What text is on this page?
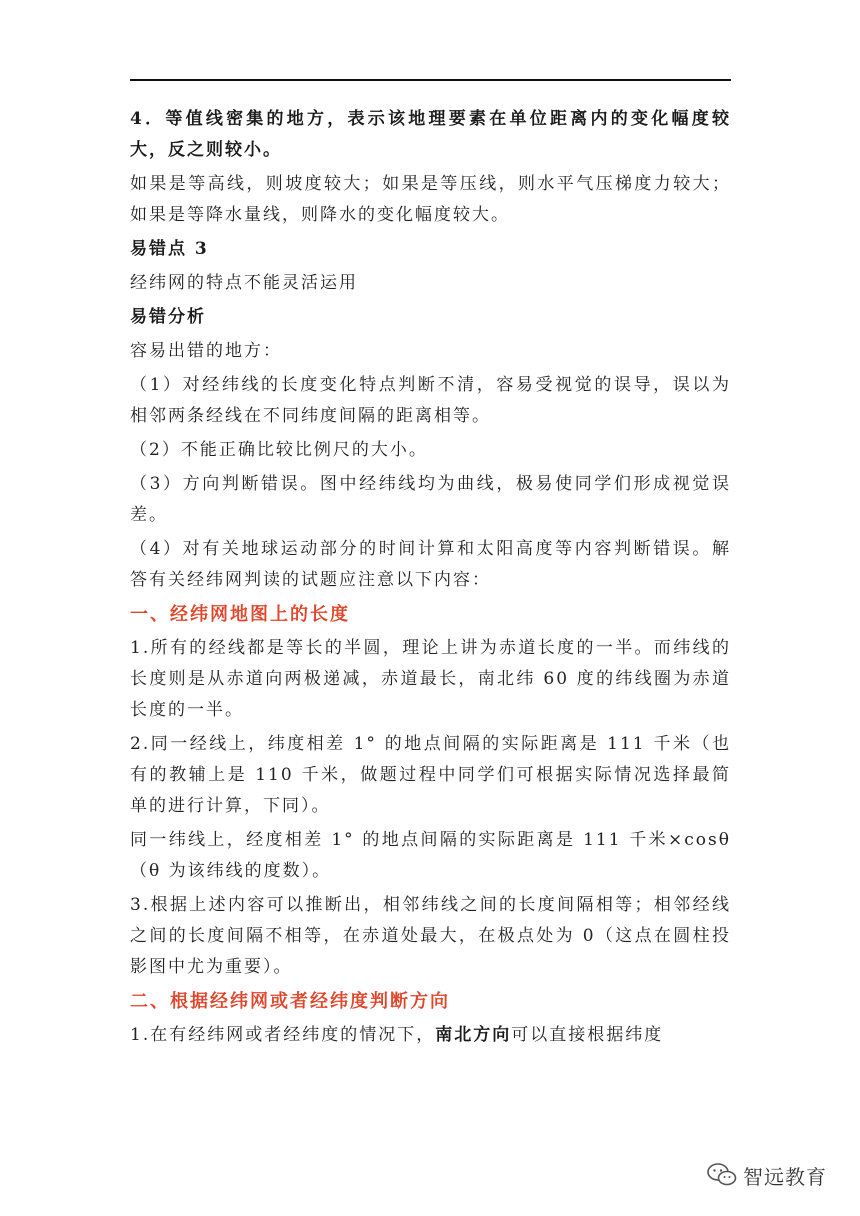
4．等值线密集的地方，表示该地理要素在单位距离内的变化幅度较大，反之则较小。

如果是等高线，则坡度较大；如果是等压线，则水平气压梯度力较大；如果是等降水量线，则降水的变化幅度较大。

易错点 3

经纬网的特点不能灵活运用

易错分析

容易出错的地方：

（1）对经纬线的长度变化特点判断不清，容易受视觉的误导，误以为相邻两条经线在不同纬度间隔的距离相等。

（2）不能正确比较比例尺的大小。

（3）方向判断错误。图中经纬线均为曲线，极易使同学们形成视觉误差。

（4）对有关地球运动部分的时间计算和太阳高度等内容判断错误。解答有关经纬网判读的试题应注意以下内容：

一、经纬网地图上的长度

1.所有的经线都是等长的半圆，理论上讲为赤道长度的一半。而纬线的长度则是从赤道向两极递减，赤道最长，南北纬 60 度的纬线圈为赤道长度的一半。

2.同一经线上，纬度相差 1° 的地点间隔的实际距离是 111 千米（也有的教辅上是 110 千米，做题过程中同学们可根据实际情况选择最简单的进行计算，下同）。

同一纬线上，经度相差 1° 的地点间隔的实际距离是 111 千米×cosθ（θ 为该纬线的度数）。

3.根据上述内容可以推断出，相邻纬线之间的长度间隔相等；相邻经线之间的长度间隔不相等，在赤道处最大，在极点处为 0（这点在圆柱投影图中尤为重要）。

二、根据经纬网或者经纬度判断方向

1.在有经纬网或者经纬度的情况下，南北方向可以直接根据纬度

智远教育
